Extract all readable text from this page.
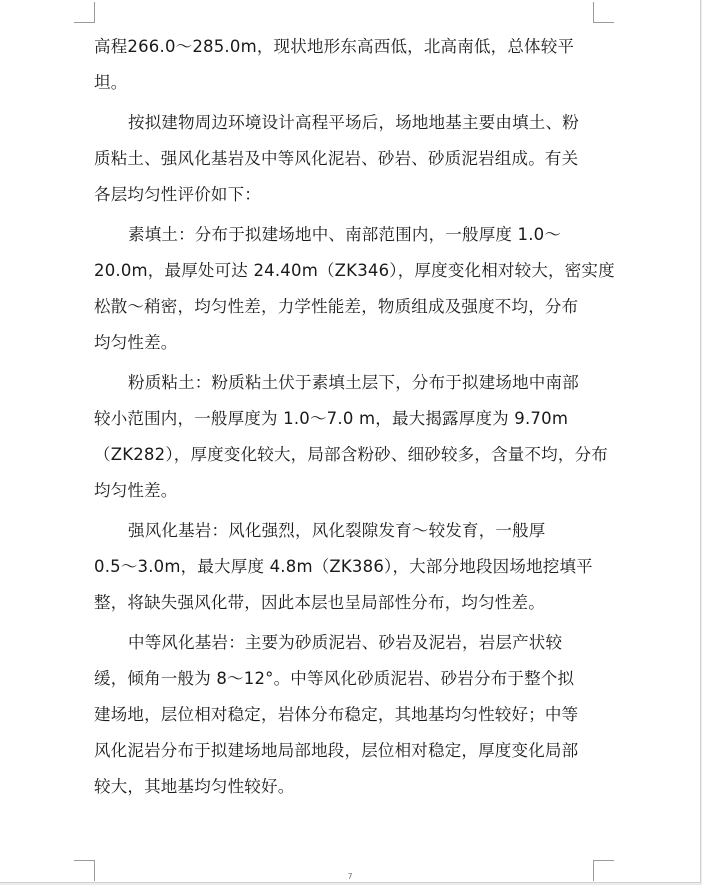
高程266.0～285.0m，现状地形东高西低，北高南低，总体较平
坦。
按拟建物周边环境设计高程平场后，场地地基主要由填土、粉
质粘土、强风化基岩及中等风化泥岩、砂岩、砂质泥岩组成。有关
各层均匀性评价如下：
素填土：分布于拟建场地中、南部范围内，一般厚度 1.0～
20.0m，最厚处可达 24.40m（ZK346），厚度变化相对较大，密实度
松散～稍密，均匀性差，力学性能差，物质组成及强度不均，分布
均匀性差。
粉质粘土：粉质粘土伏于素填土层下，分布于拟建场地中南部
较小范围内，一般厚度为 1.0～7.0 m，最大揭露厚度为 9.70m
（ZK282），厚度变化较大，局部含粉砂、细砂较多，含量不均，分布
均匀性差。
强风化基岩：风化强烈，风化裂隙发育～较发育，一般厚
0.5～3.0m，最大厚度 4.8m（ZK386），大部分地段因场地挖填平
整，将缺失强风化带，因此本层也呈局部性分布，均匀性差。
中等风化基岩：主要为砂质泥岩、砂岩及泥岩，岩层产状较
缓，倾角一般为 8～12°。中等风化砂质泥岩、砂岩分布于整个拟
建场地，层位相对稳定，岩体分布稳定，其地基均匀性较好；中等
风化泥岩分布于拟建场地局部地段，层位相对稳定，厚度变化局部
较大，其地基均匀性较好。
7
